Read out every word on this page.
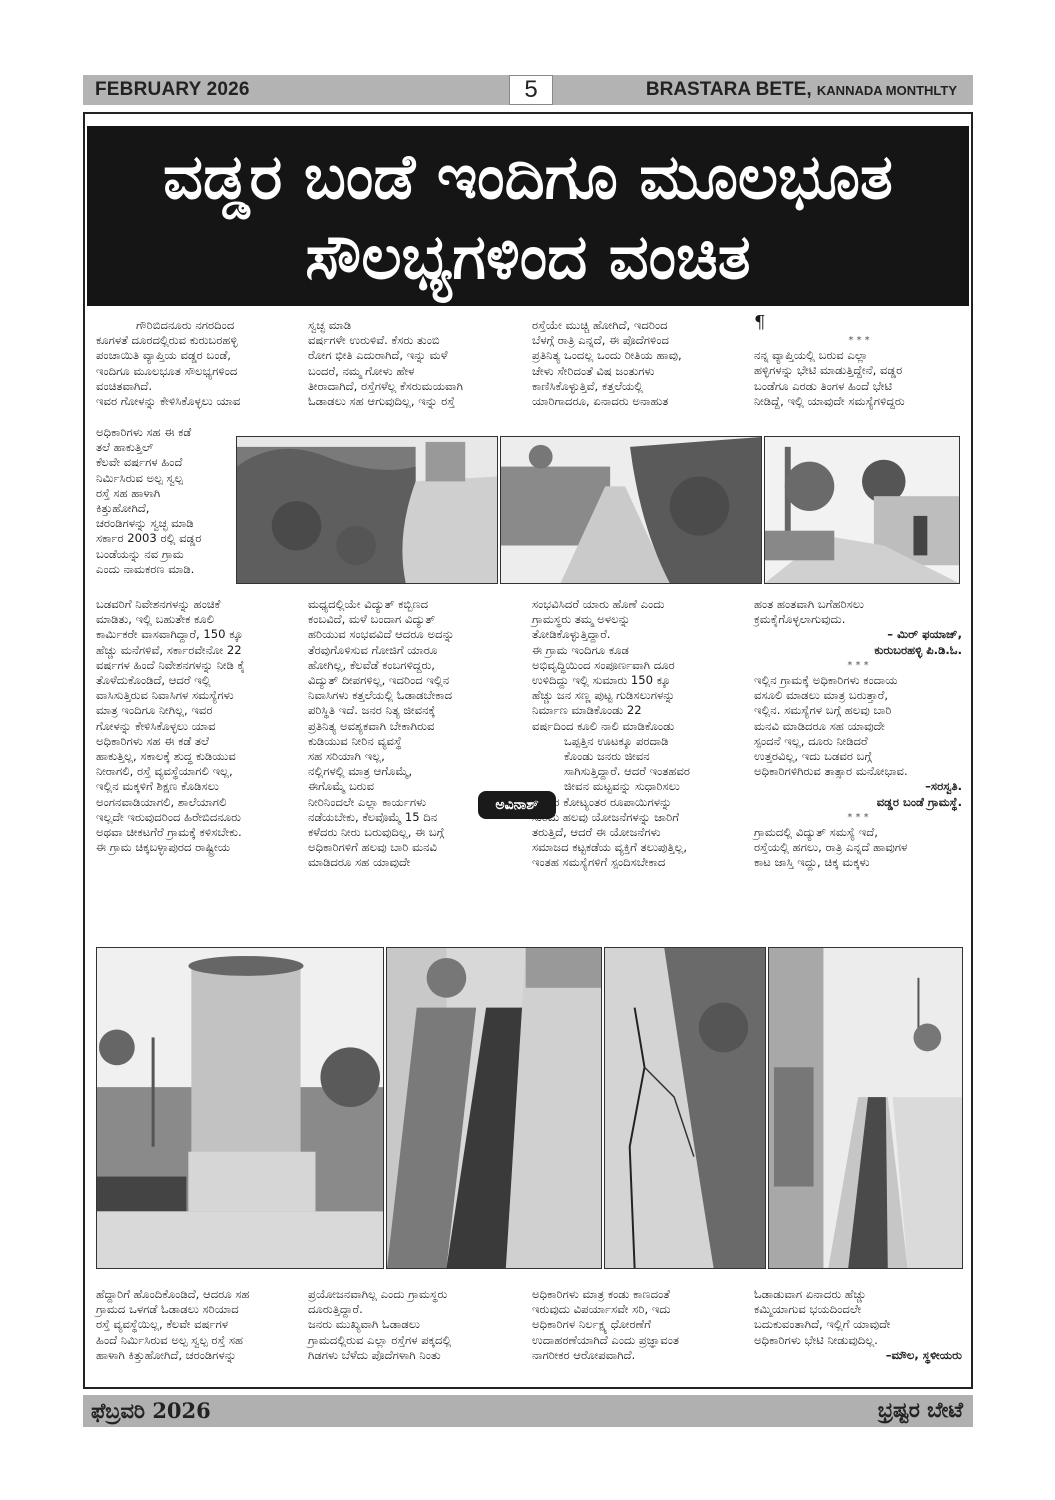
FEBRUARY 2026	5	BRASTARA BETE, KANNADA MONTHLTY
ವಡ್ಡರ ಬಂಡೆ ಇಂದಿಗೂ ಮೂಲಭೂತ
ಸೌಲಭ್ಯಗಳಿಂದ ವಂಚಿತ

ಗೌರಿಬಿದನೂರು ನಗರದಿಂದ

ಕೂಗಳತೆ ದೂರದಲ್ಲಿರುವ ಕುರುಬರಹಳ್ಳಿ
ಪಂಚಾಯಿತಿ ವ್ಯಾಪ್ತಿಯ ವಡ್ಡರ ಬಂಡೆ,
ಇಂದಿಗೂ ಮೂಲಭೂತ ಸೌಲಭ್ಯಗಳಿಂದ
ವಂಚಿತವಾಗಿದೆ.
ಇವರ ಗೋಳನ್ನು ಕೇಳಿಸಿಕೊಳ್ಳಲು ಯಾವ

ಅಧಿಕಾರಿಗಳು ಸಹ ಈ ಕಡೆ
ತಲೆ ಹಾಕುತ್ತಿಲ್
ಕೆಲವೇ ವರ್ಷಗಳ ಹಿಂದೆ
ನಿರ್ಮಿಸಿರುವ ಅಲ್ಪ ಸ್ವಲ್ಪ
ರಸ್ತೆ ಸಹ ಹಾಳಾಗಿ
ಕಿತ್ತುಹೋಗಿದೆ,
ಚರಂಡಿಗಳನ್ನು ಸ್ವಚ್ಛ ಮಾಡಿ
ಸರ್ಕಾರ 2003 ರಲ್ಲಿ ವಡ್ಡರ
ಬಂಡೆಯನ್ನು ನವ ಗ್ರಾಮ
ಎಂದು ನಾಮಕರಣ ಮಾಡಿ.

ಸ್ವಚ್ಛ ಮಾಡಿ
ವರ್ಷಗಳೇ ಉರುಳಿವೆ. ಕೆಸರು ತುಂಬಿ
ರೋಗ ಭೀತಿ ಎದುರಾಗಿದೆ, ಇನ್ನು ಮಳೆ
ಬಂದರೆ, ನಮ್ಮ ಗೋಳು ಹೇಳ
ತೀರಾದಾಗಿದೆ, ರಸ್ತೆಗಳೆಲ್ಲ ಕೆಸರುಮಯವಾಗಿ
ಓಡಾಡಲು ಸಹ ಆಗುವುದಿಲ್ಲ, ಇನ್ನು ರಸ್ತೆ

ರಸ್ತೆಯೇ ಮುಚ್ಚಿ ಹೋಗಿದೆ, ಇದರಿಂದ
ಬೆಳಗ್ಗೆ ರಾತ್ರಿ ಎನ್ನದೆ, ಈ ಪೊದೆಗಳಿಂದ
ಪ್ರತಿನಿತ್ಯ ಒಂದಲ್ಲ ಒಂದು ರೀತಿಯ ಹಾವು,
ಚೇಳು ಸೇರಿದಂತೆ ವಿಷ ಜಂತುಗಳು
ಕಾಣಿಸಿಕೊಳ್ಳುತ್ತಿವೆ, ಕತ್ತಲೆಯಲ್ಲಿ
ಯಾರಿಗಾದರೂ, ಏನಾದರು ಅನಾಹುತ

¶

* * *

ನನ್ನ ವ್ಯಾಪ್ತಿಯಲ್ಲಿ ಬರುವ ಎಲ್ಲಾ
ಹಳ್ಳಿಗಳನ್ನು ಭೇಟಿ ಮಾಡುತ್ತಿದ್ದೇನೆ, ವಡ್ಡರ
ಬಂಡೆಗೂ ಎರಡು ತಿಂಗಳ ಹಿಂದೆ ಭೇಟಿ
ನೀಡಿದ್ದೆ, ಇಲ್ಲಿ ಯಾವುದೇ ಸಮಸ್ಯೆಗಳಿದ್ದರು

ಬಡವರಿಗೆ ನಿವೇಶನಗಳನ್ನು ಹಂಚಿಕೆ
ಮಾಡಿತು, ಇಲ್ಲಿ ಬಹುತೇಕ ಕೂಲಿ
ಕಾರ್ಮಿಕರೇ ವಾಸವಾಗಿದ್ದಾರೆ, 150 ಕ್ಕೂ
ಹೆಚ್ಚು ಮನೆಗಳಿವೆ, ಸರ್ಕಾರವೇನೋ 22
ವರ್ಷಗಳ ಹಿಂದೆ ನಿವೇಶನಗಳನ್ನು ನೀಡಿ ಕೈ
ತೊಳೆದುಕೊಂಡಿದೆ, ಆದರೆ ಇಲ್ಲಿ
ವಾಸಿಸುತ್ತಿರುವ ನಿವಾಸಿಗಳ ಸಮಸ್ಯೆಗಳು
ಮಾತ್ರ ಇಂದಿಗೂ ನೀಗಿಲ್ಲ, ಇವರ
ಗೋಳನ್ನು ಕೇಳಿಸಿಕೊಳ್ಳಲು ಯಾವ
ಅಧಿಕಾರಿಗಳು ಸಹ ಈ ಕಡೆ ತಲೆ
ಹಾಕುತ್ತಿಲ್ಲ, ಸಕಾಲಕ್ಕೆ ಶುದ್ಧ ಕುಡಿಯುವ
ನೀರಾಗಲಿ, ರಸ್ತೆ ವ್ಯವಸ್ಥೆಯಾಗಲಿ ಇಲ್ಲ,
ಇಲ್ಲಿನ ಮಕ್ಕಳಿಗೆ ಶಿಕ್ಷಣ ಕೊಡಿಸಲು
ಅಂಗನವಾಡಿಯಾಗಲಿ, ಶಾಲೆಯಾಗಲಿ
ಇಲ್ಲದೇ ಇರುವುದರಿಂದ ಹಿರೇಬಿದನೂರು
ಅಥವಾ ಚೀಕಟಗೆರೆ ಗ್ರಾಮಕ್ಕೆ ಕಳಿಸಬೇಕು.
ಈ ಗ್ರಾಮ ಚಿಕ್ಕಬಳ್ಳಾಪುರದ ರಾಷ್ಟ್ರೀಯ

ಮಧ್ಯದಲ್ಲಿಯೇ ವಿದ್ಯುತ್ ಕಬ್ಬಿಣದ
ಕಂಬವಿದೆ, ಮಳೆ ಬಂದಾಗ ವಿದ್ಯುತ್
ಹರಿಯುವ ಸಂಭವವಿದೆ ಆದರೂ ಅದನ್ನು
ತೆರವುಗೊಳಿಸುವ ಗೋಜಿಗೆ ಯಾರೂ
ಹೋಗಿಲ್ಲ, ಕೆಲವೆಡೆ ಕಂಬಗಳಿದ್ದರು,
ವಿದ್ಯುತ್ ದೀಪಗಳಿಲ್ಲ, ಇದರಿಂದ ಇಲ್ಲಿನ
ನಿವಾಸಿಗಳು ಕತ್ತಲೆಯಲ್ಲಿ ಓಡಾಡಬೇಕಾದ
ಪರಿಸ್ಥಿತಿ ಇದೆ. ಜನರ ನಿತ್ಯ ಜೀವನಕ್ಕೆ
ಪ್ರತಿನಿತ್ಯ ಅವಶ್ಯಕವಾಗಿ ಬೇಕಾಗಿರುವ
ಕುಡಿಯುವ ನೀರಿನ ವ್ಯವಸ್ಥೆ
ಸಹ ಸರಿಯಾಗಿ ಇಲ್ಲ,
ನಲ್ಲಿಗಳಲ್ಲಿ ಮಾತ್ರ ಆಗೊಮ್ಮೆ,
ಈಗೊಮ್ಮೆ ಬರುವ
ನೀರಿನಿಂದಲೇ ಎಲ್ಲಾ ಕಾರ್ಯಗಳು
ನಡೆಯಬೇಕು, ಕೆಲವೊಮ್ಮೆ 15 ದಿನ
ಕಳೆದರು ನೀರು ಬರುವುದಿಲ್ಲ, ಈ ಬಗ್ಗೆ
ಅಧಿಕಾರಿಗಳಿಗೆ ಹಲವು ಬಾರಿ ಮನವಿ
ಮಾಡಿದರೂ ಸಹ ಯಾವುದೇ

ಅವಿನಾಶ್

ಸಂಭವಿಸಿದರೆ ಯಾರು ಹೊಣೆ ಎಂದು
ಗ್ರಾಮಸ್ಥರು ತಮ್ಮ ಅಳಲನ್ನು
ತೋಡಿಕೊಳ್ಳುತ್ತಿದ್ದಾರೆ.
ಈ ಗ್ರಾಮ ಇಂದಿಗೂ ಕೂಡ
ಅಭಿವೃದ್ಧಿಯಿಂದ ಸಂಪೂರ್ಣವಾಗಿ ದೂರ
ಉಳಿದಿದ್ದು ಇಲ್ಲಿ ಸುಮಾರು 150 ಕ್ಕೂ
ಹೆಚ್ಚು ಜನ ಸಣ್ಣ ಪುಟ್ಟ ಗುಡಿಸಲುಗಳನ್ನು
ನಿರ್ಮಾಣ ಮಾಡಿಕೊಂಡು 22
ವರ್ಷದಿಂದ ಕೂಲಿ ನಾಲಿ ಮಾಡಿಕೊಂಡು

ಒಪ್ಪತ್ತಿನ ಊಟಕ್ಕೂ ಪರದಾಡಿ
ಕೊಂಡು ಜನರು ಜೀವನ
ಸಾಗಿಸುತ್ತಿದ್ದಾರೆ. ಆದರೆ ಇಂತಹವರ
ಜೀವನ ಮಟ್ಟವನ್ನು ಸುಧಾರಿಸಲು

ಸರ್ಕಾರ ಕೋಟ್ಯಂತರ ರೂಪಾಯಿಗಳನ್ನು
ಸುರಿದು ಹಲವು ಯೋಜನೆಗಳನ್ನು ಜಾರಿಗೆ
ತರುತ್ತಿದೆ, ಆದರೆ ಈ ಯೋಜನೆಗಳು
ಸಮಾಜದ ಕಟ್ಟಕಡೆಯ ವ್ಯಕ್ತಿಗೆ ತಲುಪುತ್ತಿಲ್ಲ,
ಇಂತಹ ಸಮಸ್ಯೆಗಳಿಗೆ ಸ್ಪಂದಿಸಬೇಕಾದ

ಹಂತ ಹಂತವಾಗಿ ಬಗೆಹರಿಸಲು
ಕ್ರಮಕೈಗೊಳ್ಳಲಾಗುವುದು.

– ಮಿರ್ ಫಯಾಜ್,

ಕುರುಬರಹಳ್ಳಿ ಪಿ.ಡಿ.ಓ.

* * *

ಇಲ್ಲಿನ ಗ್ರಾಮಕ್ಕೆ ಅಧಿಕಾರಿಗಳು ಕಂದಾಯ
ವಸೂಲಿ ಮಾಡಲು ಮಾತ್ರ ಬರುತ್ತಾರೆ,
ಇಲ್ಲಿನ. ಸಮಸ್ಯೆಗಳ ಬಗ್ಗೆ ಹಲವು ಬಾರಿ
ಮನವಿ ಮಾಡಿದರೂ ಸಹ ಯಾವುದೇ
ಸ್ಪಂದನೆ ಇಲ್ಲ, ದೂರು ನೀಡಿದರೆ
ಉತ್ತರವಿಲ್ಲ, ಇದು ಬಡವರ ಬಗ್ಗೆ
ಅಧಿಕಾರಿಗಳಿಗಿರುವ ತಾತ್ಸಾರ ಮನೋಭಾವ.

–ಸರಸ್ವತಿ.

ವಡ್ಡರ ಬಂಡೆ ಗ್ರಾಮಸ್ಥೆ.

* * *

ಗ್ರಾಮದಲ್ಲಿ ವಿದ್ಯುತ್ ಸಮಸ್ಯೆ ಇದೆ,
ರಸ್ತೆಯಲ್ಲಿ ಹಗಲು, ರಾತ್ರಿ ಎನ್ನದೆ ಹಾವುಗಳ
ಕಾಟ ಜಾಸ್ತಿ ಇದ್ದು, ಚಿಕ್ಕ ಮಕ್ಕಳು

ಹೆದ್ದಾರಿಗೆ ಹೊಂದಿಕೊಂಡಿದೆ, ಆದರೂ ಸಹ
ಗ್ರಾಮದ ಒಳಗಡೆ ಓಡಾಡಲು ಸರಿಯಾದ
ರಸ್ತೆ ವ್ಯವಸ್ಥೆಯಿಲ್ಲ, ಕೆಲವೇ ವರ್ಷಗಳ
ಹಿಂದೆ ನಿರ್ಮಿಸಿರುವ ಅಲ್ಪ ಸ್ವಲ್ಪ ರಸ್ತೆ ಸಹ
ಹಾಳಾಗಿ ಕಿತ್ತುಹೋಗಿದೆ, ಚರಂಡಿಗಳನ್ನು

ಪ್ರಯೋಜನವಾಗಿಲ್ಲ ಎಂದು ಗ್ರಾಮಸ್ಥರು
ದೂರುತ್ತಿದ್ದಾರೆ.
ಜನರು ಮುಖ್ಯವಾಗಿ ಓಡಾಡಲು
ಗ್ರಾಮದಲ್ಲಿರುವ ಎಲ್ಲಾ ರಸ್ತೆಗಳ ಪಕ್ಕದಲ್ಲಿ
ಗಿಡಗಳು ಬೆಳೆದು ಪೊದೆಗಳಾಗಿ ನಿಂತು

ಅಧಿಕಾರಿಗಳು ಮಾತ್ರ ಕಂಡು ಕಾಣದಂತೆ
ಇರುವುದು ವಿಪರ್ಯಾಸವೇ ಸರಿ, ಇದು
ಅಧಿಕಾರಿಗಳ ನಿರ್ಲಕ್ಷ್ಯ ಧೋರಣೆಗೆ
ಉದಾಹರಣೆಯಾಗಿದೆ ಎಂದು ಪ್ರಜ್ಞಾವಂತ
ನಾಗರೀಕರ ಆರೋಪವಾಗಿದೆ.

ಓಡಾಡುವಾಗ ಏನಾದರು ಹೆಚ್ಚು
ಕಮ್ಮಿಯಾಗುವ ಭಯದಿಂದಲೇ
ಬದುಕುವಂತಾಗಿದೆ, ಇಲ್ಲಿಗೆ ಯಾವುದೇ
ಅಧಿಕಾರಿಗಳು ಭೇಟಿ ನೀಡುವುದಿಲ್ಲ.

–ಮೌಲ, ಸ್ಥಳೀಯರು

ಫೆಬ್ರವರಿ 2026	ಭ್ರಷ್ಟರ ಬೇಟೆ
